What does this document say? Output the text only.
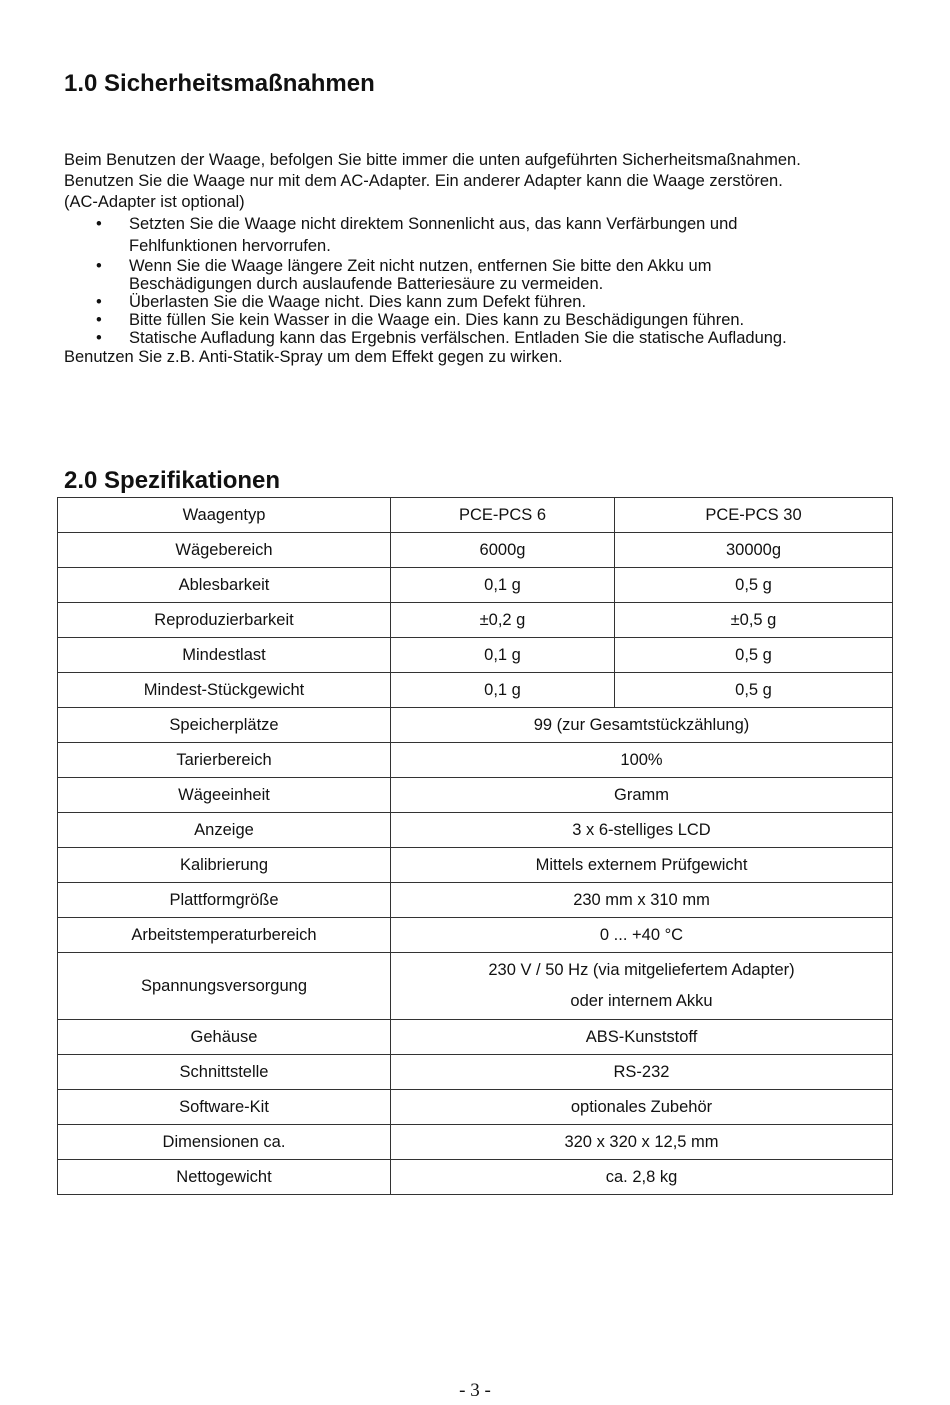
1.0 Sicherheitsmaßnahmen

Beim Benutzen der Waage, befolgen Sie bitte immer die unten aufgeführten Sicherheitsmaßnahmen.

Benutzen Sie die Waage nur mit dem AC-Adapter. Ein anderer Adapter kann die Waage zerstören.

(AC-Adapter ist optional)

• Setzten Sie die Waage nicht direktem Sonnenlicht aus, das kann Verfärbungen und
Fehlfunktionen hervorrufen.
• Wenn Sie die Waage längere Zeit nicht nutzen, entfernen Sie bitte den Akku um
Beschädigungen durch auslaufende Batteriesäure zu vermeiden.
• Überlasten Sie die Waage nicht. Dies kann zum Defekt führen.
• Bitte füllen Sie kein Wasser in die Waage ein. Dies kann zu Beschädigungen führen.
• Statische Aufladung kann das Ergebnis verfälschen. Entladen Sie die statische Aufladung.

Benutzen Sie z.B. Anti-Statik-Spray um dem Effekt gegen zu wirken.

2.0 Spezifikationen
Waagentyp	PCE-PCS 6	PCE-PCS 30
Wägebereich	6000g	30000g
Ablesbarkeit	0,1 g	0,5 g
Reproduzierbarkeit	±0,2 g	±0,5 g
Mindestlast	0,1 g	0,5 g
Mindest-Stückgewicht	0,1 g	0,5 g
Speicherplätze	99 (zur Gesamtstückzählung)	
Tarierbereich	100%	
Wägeeinheit	Gramm	
Anzeige	3 x 6-stelliges LCD	
Kalibrierung	Mittels externem Prüfgewicht	
Plattformgröße	230 mm x 310 mm	
Arbeitstemperaturbereich	0 ... +40 °C	
Spannungsversorgung	230 V / 50 Hz (via mitgeliefertem Adapter)
oder internem Akku	
Gehäuse	ABS-Kunststoff	
Schnittstelle	RS-232	
Software-Kit	optionales Zubehör	
Dimensionen ca.	320 x 320 x 12,5 mm	
Nettogewicht	ca. 2,8 kg	
- 3 -
